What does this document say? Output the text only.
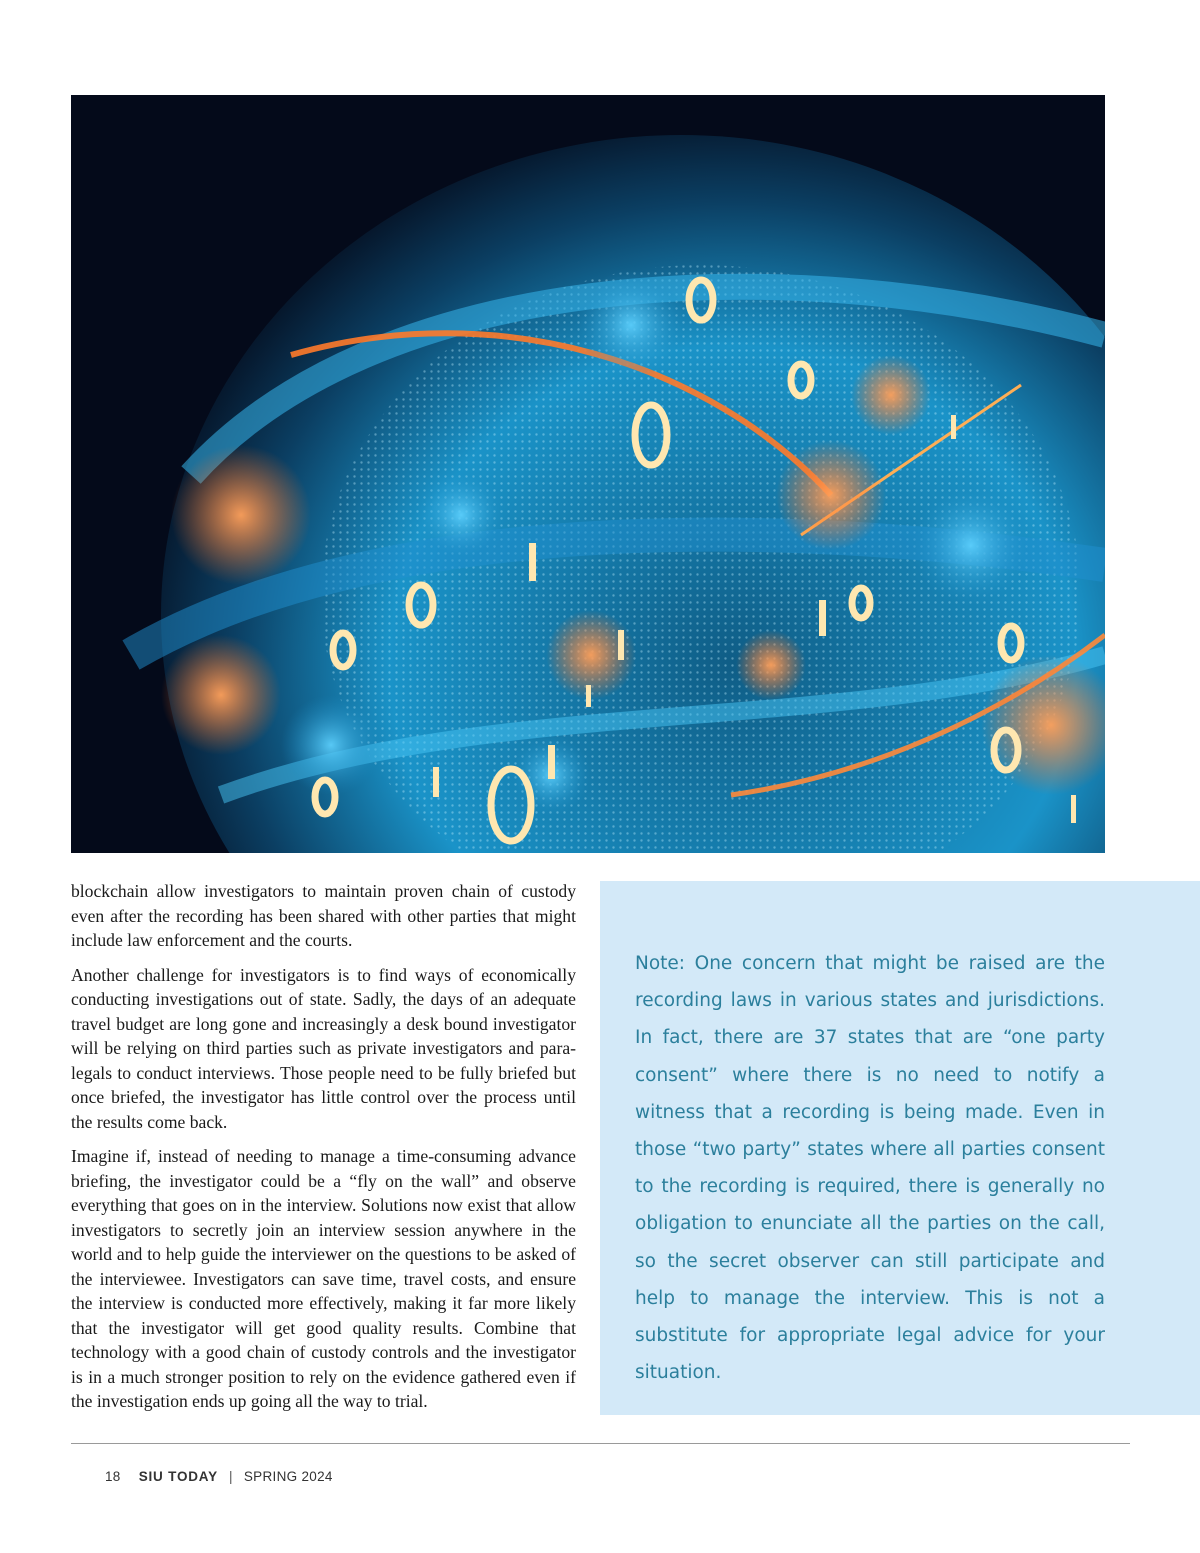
blockchain allow investigators to maintain proven chain of custody even after the recording has been shared with other parties that might include law enforcement and the courts.

Another challenge for investigators is to find ways of economically conducting investigations out of state. Sadly, the days of an adequate travel budget are long gone and increasingly a desk bound investigator will be relying on third parties such as private investigators and para-legals to conduct interviews. Those people need to be fully briefed but once briefed, the investigator has little control over the process until the results come back.

Imagine if, instead of needing to manage a time-consuming advance briefing, the investigator could be a “fly on the wall” and observe everything that goes on in the interview. Solutions now exist that allow investigators to secretly join an interview session anywhere in the world and to help guide the interviewer on the questions to be asked of the interviewee. Investigators can save time, travel costs, and ensure the interview is conducted more effectively, making it far more likely that the investigator will get good quality results. Combine that technology with a good chain of custody controls and the investigator is in a much stronger position to rely on the evidence gathered even if the investigation ends up going all the way to trial.

Note: One concern that might be raised are the recording laws in various states and jurisdictions. In fact, there are 37 states that are “one party consent” where there is no need to notify a witness that a recording is being made. Even in those “two party” states where all parties consent to the recording is required, there is generally no obligation to enunciate all the parties on the call, so the secret observer can still participate and help to manage the interview. This is not a substitute for appropriate legal advice for your situation.

18 SIU TODAY | SPRING 2024
